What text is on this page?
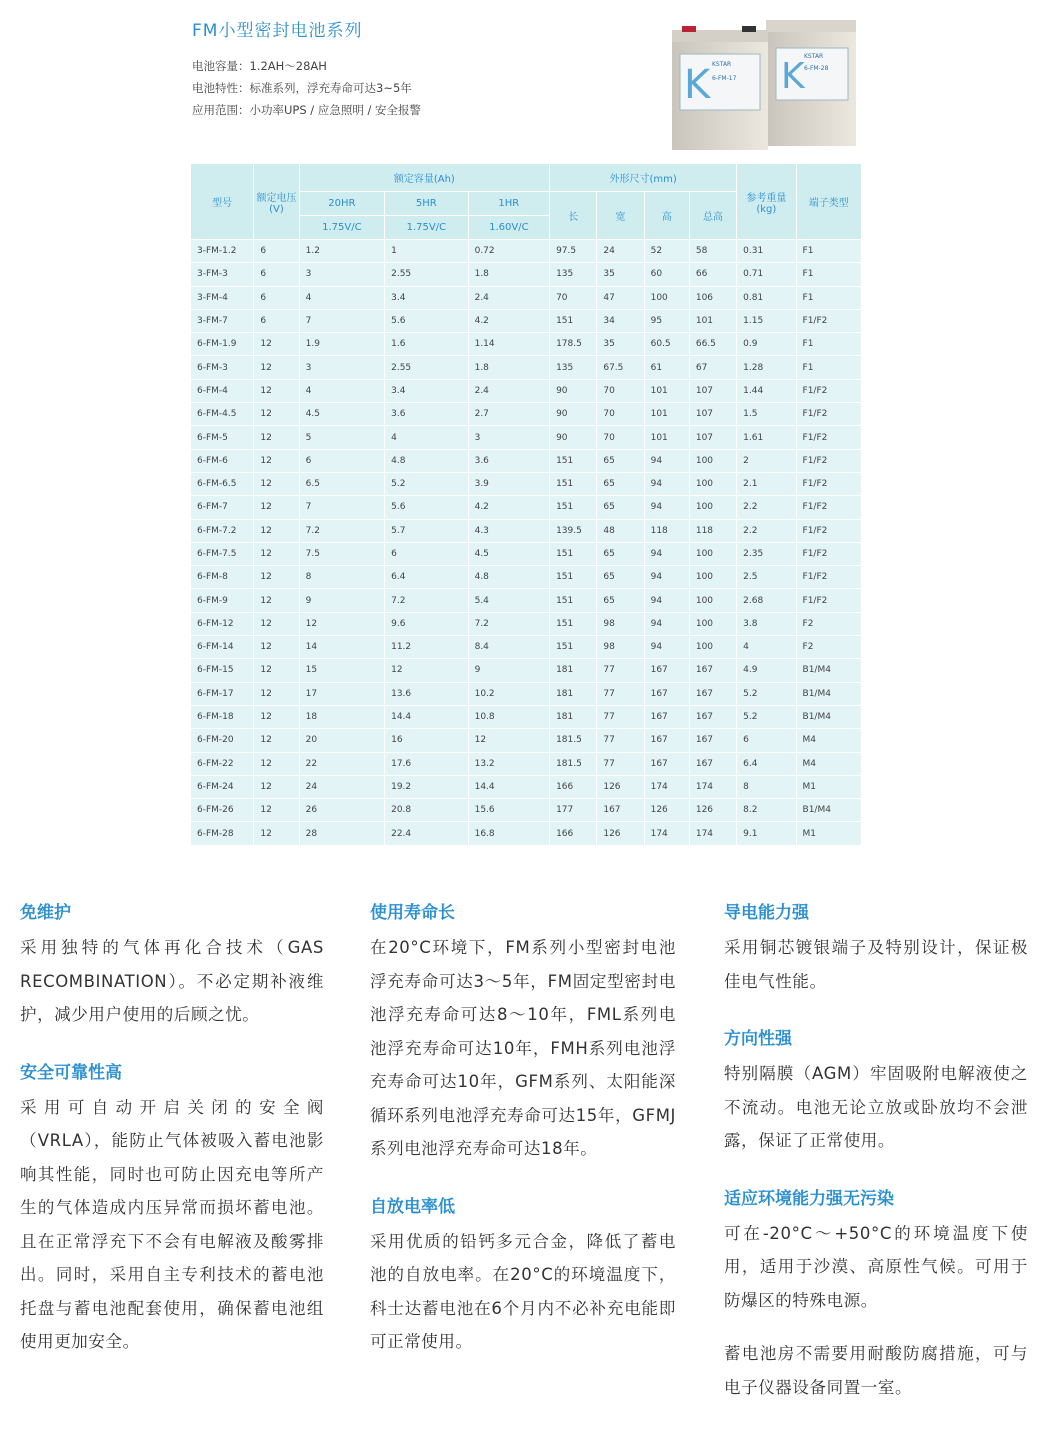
FM小型密封电池系列
电池容量：1.2AH～28AH
电池特性：标准系列，浮充寿命可达3~5年
应用范围：小功率UPS / 应急照明 / 安全报警
K KSTAR
6-FM-28
K KSTAR
6-FM-17
型号	额定电压(V)	额定容量(Ah)			外形尺寸(mm)				参考重量(kg)	端子类型
		20HR	5HR	1HR	长	宽	高	总高		
		1.75V/C	1.75V/C	1.60V/C						
3-FM-1.2	6	1.2	1	0.72	97.5	24	52	58	0.31	F1
3-FM-3	6	3	2.55	1.8	135	35	60	66	0.71	F1
3-FM-4	6	4	3.4	2.4	70	47	100	106	0.81	F1
3-FM-7	6	7	5.6	4.2	151	34	95	101	1.15	F1/F2
6-FM-1.9	12	1.9	1.6	1.14	178.5	35	60.5	66.5	0.9	F1
6-FM-3	12	3	2.55	1.8	135	67.5	61	67	1.28	F1
6-FM-4	12	4	3.4	2.4	90	70	101	107	1.44	F1/F2
6-FM-4.5	12	4.5	3.6	2.7	90	70	101	107	1.5	F1/F2
6-FM-5	12	5	4	3	90	70	101	107	1.61	F1/F2
6-FM-6	12	6	4.8	3.6	151	65	94	100	2	F1/F2
6-FM-6.5	12	6.5	5.2	3.9	151	65	94	100	2.1	F1/F2
6-FM-7	12	7	5.6	4.2	151	65	94	100	2.2	F1/F2
6-FM-7.2	12	7.2	5.7	4.3	139.5	48	118	118	2.2	F1/F2
6-FM-7.5	12	7.5	6	4.5	151	65	94	100	2.35	F1/F2
6-FM-8	12	8	6.4	4.8	151	65	94	100	2.5	F1/F2
6-FM-9	12	9	7.2	5.4	151	65	94	100	2.68	F1/F2
6-FM-12	12	12	9.6	7.2	151	98	94	100	3.8	F2
6-FM-14	12	14	11.2	8.4	151	98	94	100	4	F2
6-FM-15	12	15	12	9	181	77	167	167	4.9	B1/M4
6-FM-17	12	17	13.6	10.2	181	77	167	167	5.2	B1/M4
6-FM-18	12	18	14.4	10.8	181	77	167	167	5.2	B1/M4
6-FM-20	12	20	16	12	181.5	77	167	167	6	M4
6-FM-22	12	22	17.6	13.2	181.5	77	167	167	6.4	M4
6-FM-24	12	24	19.2	14.4	166	126	174	174	8	M1
6-FM-26	12	26	20.8	15.6	177	167	126	126	8.2	B1/M4
6-FM-28	12	28	22.4	16.8	166	126	174	174	9.1	M1
免维护

采用独特的气体再化合技术（GAS RECOMBINATION）。不必定期补液维护，减少用户使用的后顾之忧。

安全可靠性高

采用可自动开启关闭的安全阀（VRLA），能防止气体被吸入蓄电池影响其性能，同时也可防止因充电等所产生的气体造成内压异常而损坏蓄电池。且在正常浮充下不会有电解液及酸雾排出。同时，采用自主专利技术的蓄电池托盘与蓄电池配套使用，确保蓄电池组使用更加安全。

使用寿命长

在20°C环境下，FM系列小型密封电池浮充寿命可达3～5年，FM固定型密封电池浮充寿命可达8～10年，FML系列电池浮充寿命可达10年，FMH系列电池浮充寿命可达10年，GFM系列、太阳能深循环系列电池浮充寿命可达15年，GFMJ系列电池浮充寿命可达18年。

自放电率低

采用优质的铅钙多元合金，降低了蓄电池的自放电率。在20°C的环境温度下，科士达蓄电池在6个月内不必补充电能即可正常使用。

导电能力强

采用铜芯镀银端子及特别设计，保证极佳电气性能。

方向性强

特别隔膜（AGM）牢固吸附电解液使之不流动。电池无论立放或卧放均不会泄露，保证了正常使用。

适应环境能力强无污染

可在-20°C～+50°C的环境温度下使用，适用于沙漠、高原性气候。可用于防爆区的特殊电源。

蓄电池房不需要用耐酸防腐措施，可与电子仪器设备同置一室。
